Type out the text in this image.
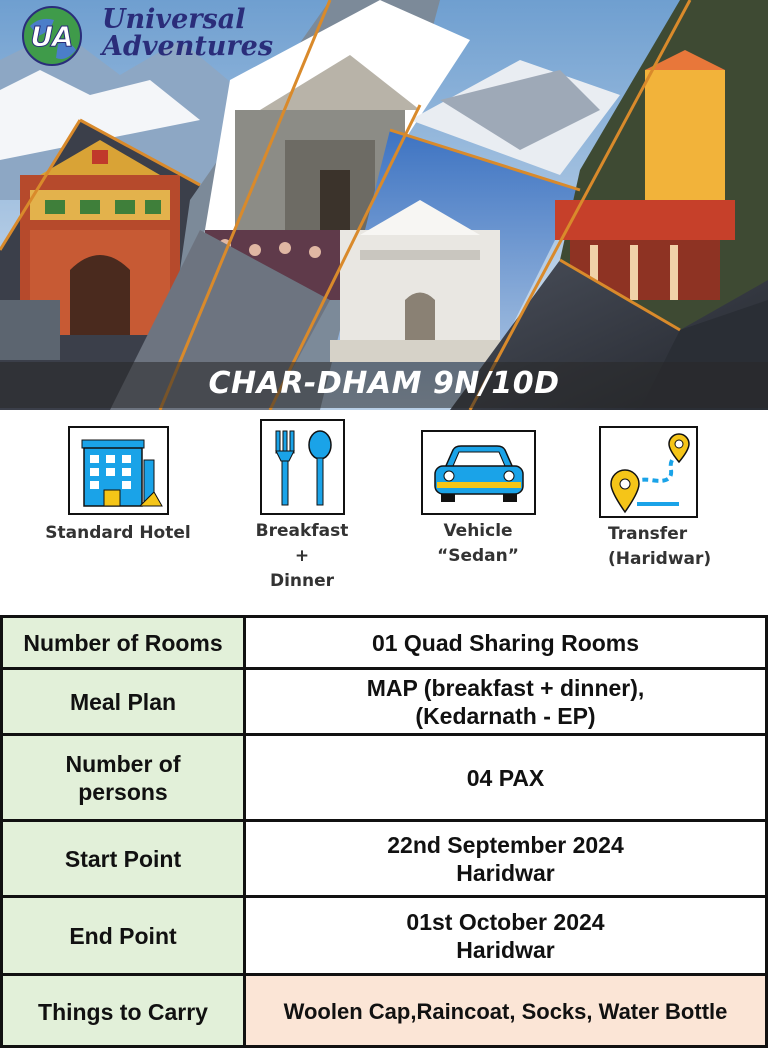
UA
Universal
Adventures
CHAR-DHAM 9N/10D
Standard Hotel	Breakfast
+
Dinner
Vehicle
“Sedan”
Transfer
(Haridwar)
Number of Rooms	01 Quad Sharing Rooms
Meal Plan	MAP (breakfast + dinner),
(Kedarnath - EP)
Number of
persons	04 PAX
Start Point	22nd September 2024
Haridwar
End Point	01st October 2024
Haridwar
Things to Carry	Woolen Cap,Raincoat, Socks, Water Bottle
